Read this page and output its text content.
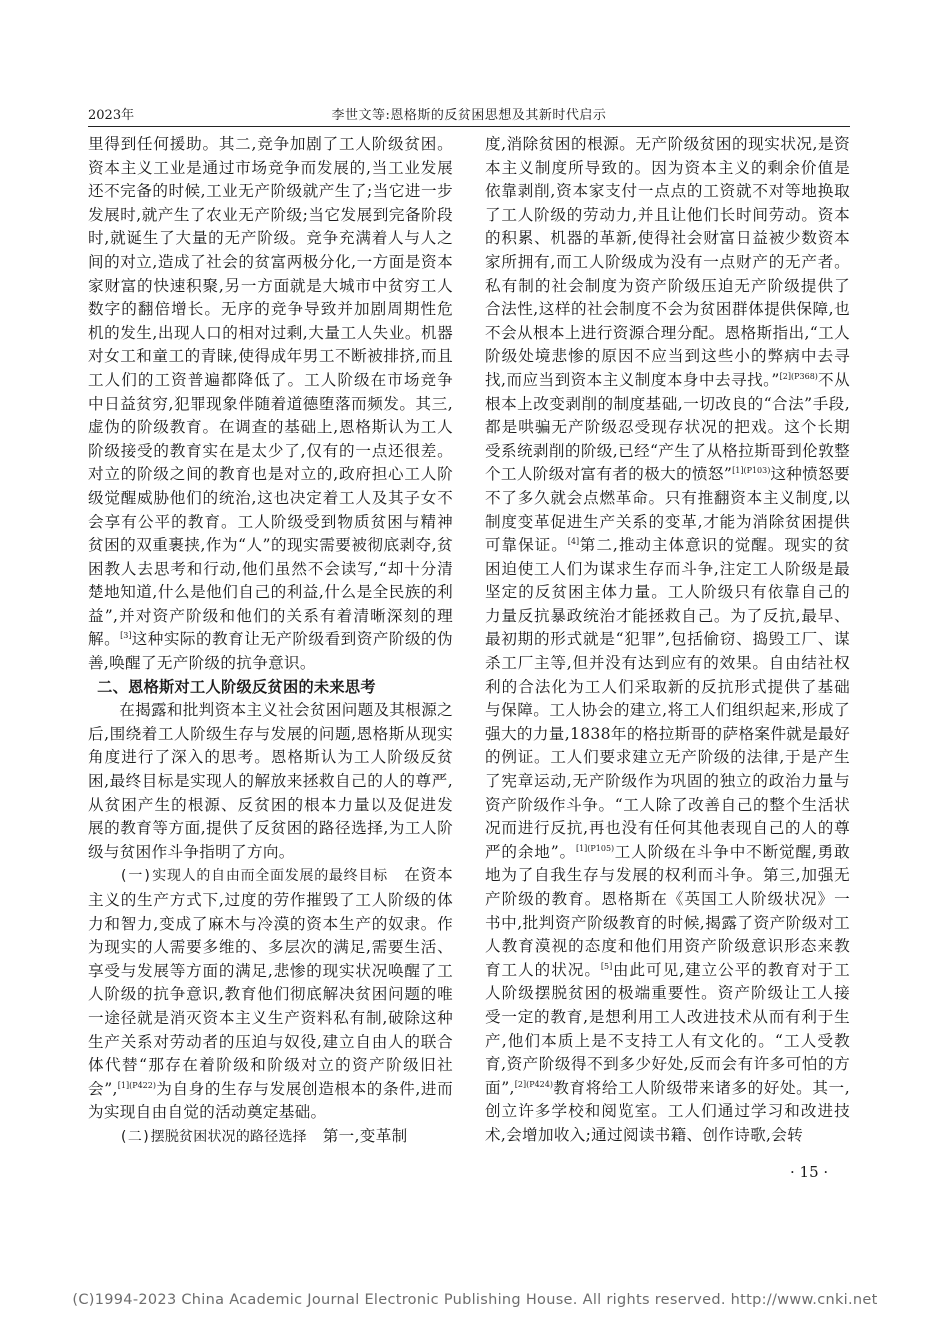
2023年	李世文等:恩格斯的反贫困思想及其新时代启示

里得到任何援助。其二,竞争加剧了工人阶级贫困。资本主义工业是通过市场竞争而发展的,当工业发展还不完备的时候,工业无产阶级就产生了;当它进一步发展时,就产生了农业无产阶级;当它发展到完备阶段时,就诞生了大量的无产阶级。竞争充满着人与人之间的对立,造成了社会的贫富两极分化,一方面是资本家财富的快速积聚,另一方面就是大城市中贫穷工人数字的翻倍增长。无序的竞争导致并加剧周期性危机的发生,出现人口的相对过剩,大量工人失业。机器对女工和童工的青睐,使得成年男工不断被排挤,而且工人们的工资普遍都降低了。工人阶级在市场竞争中日益贫穷,犯罪现象伴随着道德堕落而频发。其三,虚伪的阶级教育。在调查的基础上,恩格斯认为工人阶级接受的教育实在是太少了,仅有的一点还很差。对立的阶级之间的教育也是对立的,政府担心工人阶级觉醒威胁他们的统治,这也决定着工人及其子女不会享有公平的教育。工人阶级受到物质贫困与精神贫困的双重裹挟,作为“人”的现实需要被彻底剥夺,贫困教人去思考和行动,他们虽然不会读写,“却十分清楚地知道,什么是他们自己的利益,什么是全民族的利益”,并对资产阶级和他们的关系有着清晰深刻的理解。[3]这种实际的教育让无产阶级看到资产阶级的伪善,唤醒了无产阶级的抗争意识。

二、恩格斯对工人阶级反贫困的未来思考

在揭露和批判资本主义社会贫困问题及其根源之后,围绕着工人阶级生存与发展的问题,恩格斯从现实角度进行了深入的思考。恩格斯认为工人阶级反贫困,最终目标是实现人的解放来拯救自己的人的尊严,从贫困产生的根源、反贫困的根本力量以及促进发展的教育等方面,提供了反贫困的路径选择,为工人阶级与贫困作斗争指明了方向。

(一)实现人的自由而全面发展的最终目标　 在资本主义的生产方式下,过度的劳作摧毁了工人阶级的体力和智力,变成了麻木与冷漠的资本生产的奴隶。作为现实的人需要多维的、多层次的满足,需要生活、享受与发展等方面的满足,悲惨的现实状况唤醒了工人阶级的抗争意识,教育他们彻底解决贫困问题的唯一途径就是消灭资本主义生产资料私有制,破除这种生产关系对劳动者的压迫与奴役,建立自由人的联合体代替“那存在着阶级和阶级对立的资产阶级旧社会”,$^{[1](P422)}$为自身的生存与发展创造根本的条件,进而为实现自由自觉的活动奠定基础。

(二)摆脱贫困状况的路径选择　 第一,变革制

度,消除贫困的根源。无产阶级贫困的现实状况,是资本主义制度所导致的。因为资本主义的剩余价值是依靠剥削,资本家支付一点点的工资就不对等地换取了工人阶级的劳动力,并且让他们长时间劳动。资本的积累、机器的革新,使得社会财富日益被少数资本家所拥有,而工人阶级成为没有一点财产的无产者。私有制的社会制度为资产阶级压迫无产阶级提供了合法性,这样的社会制度不会为贫困群体提供保障,也不会从根本上进行资源合理分配。恩格斯指出,“工人阶级处境悲惨的原因不应当到这些小的弊病中去寻找,而应当到资本主义制度本身中去寻找。”$^{[2](P368)}$不从根本上改变剥削的制度基础,一切改良的“合法”手段,都是哄骗无产阶级忍受现存状况的把戏。这个长期受系统剥削的阶级,已经“产生了从格拉斯哥到伦敦整个工人阶级对富有者的极大的愤怒”$^{[1](P103)}$这种愤怒要不了多久就会点燃革命。只有推翻资本主义制度,以制度变革促进生产关系的变革,才能为消除贫困提供可靠保证。[4]第二,推动主体意识的觉醒。现实的贫困迫使工人们为谋求生存而斗争,注定工人阶级是最坚定的反贫困主体力量。工人阶级只有依靠自己的力量反抗暴政统治才能拯救自己。为了反抗,最早、最初期的形式就是“犯罪”,包括偷窃、捣毁工厂、谋杀工厂主等,但并没有达到应有的效果。自由结社权利的合法化为工人们采取新的反抗形式提供了基础与保障。工人协会的建立,将工人们组织起来,形成了强大的力量,1838年的格拉斯哥的萨格案件就是最好的例证。工人们要求建立无产阶级的法律,于是产生了宪章运动,无产阶级作为巩固的独立的政治力量与资产阶级作斗争。“工人除了改善自己的整个生活状况而进行反抗,再也没有任何其他表现自己的人的尊严的余地”。$^{[1](P105)}$工人阶级在斗争中不断觉醒,勇敢地为了自我生存与发展的权利而斗争。第三,加强无产阶级的教育。恩格斯在《英国工人阶级状况》一书中,批判资产阶级教育的时候,揭露了资产阶级对工人教育漠视的态度和他们用资产阶级意识形态来教育工人的状况。[5]由此可见,建立公平的教育对于工人阶级摆脱贫困的极端重要性。资产阶级让工人接受一定的教育,是想利用工人改进技术从而有利于生产,他们本质上是不支持工人有文化的。“工人受教育,资产阶级得不到多少好处,反而会有许多可怕的方面”,$^{[2](P424)}$教育将给工人阶级带来诸多的好处。其一,创立许多学校和阅览室。工人们通过学习和改进技术,会增加收入;通过阅读书籍、创作诗歌,会转

· 15 ·
(C)1994-2023 China Academic Journal Electronic Publishing House. All rights reserved. http://www.cnki.net
